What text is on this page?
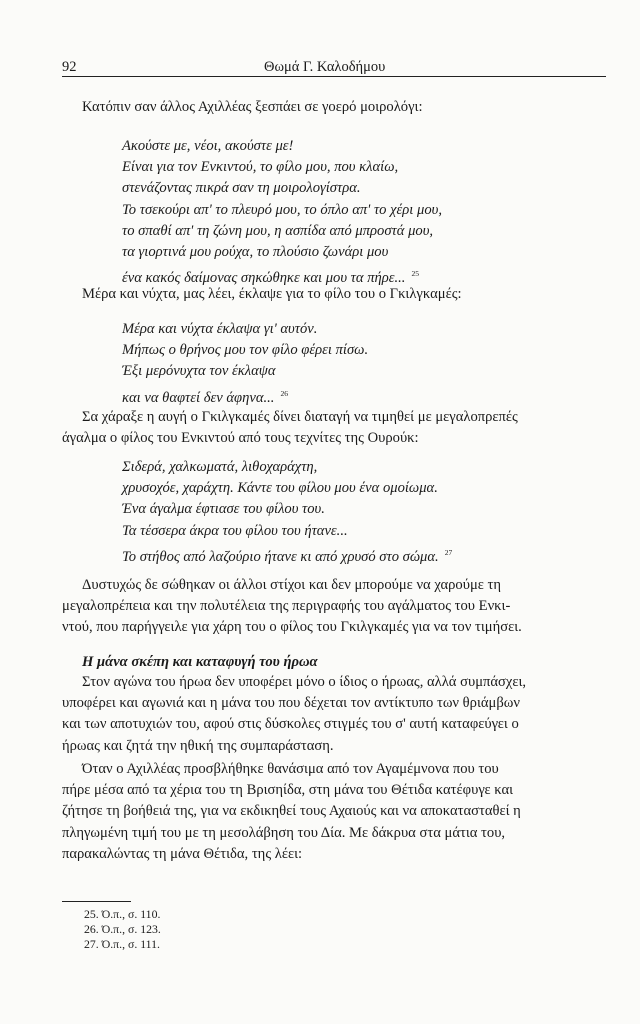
92	Θωμά Γ. Καλοδήμου
Κατόπιν σαν άλλος Αχιλλέας ξεσπάει σε γοερό μοιρολόγι:
Ακούστε με, νέοι, ακούστε με!
Είναι για τον Ενκιντού, το φίλο μου, που κλαίω,
στενάζοντας πικρά σαν τη μοιρολογίστρα.
Το τσεκούρι απ' το πλευρό μου, το όπλο απ' το χέρι μου,
το σπαθί απ' τη ζώνη μου, η ασπίδα από μπροστά μου,
τα γιορτινά μου ρούχα, το πλούσιο ζωνάρι μου
ένα κακός δαίμονας σηκώθηκε και μου τα πήρε... $^{25}$
Μέρα και νύχτα, μας λέει, έκλαψε για το φίλο του ο Γκιλγκαμές:
Μέρα και νύχτα έκλαψα γι' αυτόν.
Μήπως ο θρήνος μου τον φίλο φέρει πίσω.
Έξι μερόνυχτα τον έκλαψα
και να θαφτεί δεν άφηνα... $^{26}$
Σα χάραξε η αυγή ο Γκιλγκαμές δίνει διαταγή να τιμηθεί με μεγαλοπρεπές
άγαλμα ο φίλος του Ενκιντού από τους τεχνίτες της Ουρούκ:
Σιδερά, χαλκωματά, λιθοχαράχτη,
χρυσοχόε, χαράχτη. Κάντε του φίλου μου ένα ομοίωμα.
Ένα άγαλμα έφτιασε του φίλου του.
Τα τέσσερα άκρα του φίλου του ήτανε...
Το στήθος από λαζούριο ήτανε κι από χρυσό στο σώμα. $^{27}$
Δυστυχώς δε σώθηκαν οι άλλοι στίχοι και δεν μπορούμε να χαρούμε τη
μεγαλοπρέπεια και την πολυτέλεια της περιγραφής του αγάλματος του Ενκι-
ντού, που παρήγγειλε για χάρη του ο φίλος του Γκιλγκαμές για να τον τιμήσει.
Η μάνα σκέπη και καταφυγή του ήρωα
Στον αγώνα του ήρωα δεν υποφέρει μόνο ο ίδιος ο ήρωας, αλλά συμπάσχει,
υποφέρει και αγωνιά και η μάνα του που δέχεται τον αντίκτυπο των θριάμβων
και των αποτυχιών του, αφού στις δύσκολες στιγμές του σ' αυτή καταφεύγει ο
ήρωας και ζητά την ηθική της συμπαράσταση.
Όταν ο Αχιλλέας προσβλήθηκε θανάσιμα από τον Αγαμέμνονα που του
πήρε μέσα από τα χέρια του τη Βρισηίδα, στη μάνα του Θέτιδα κατέφυγε και
ζήτησε τη βοήθειά της, για να εκδικηθεί τους Αχαιούς και να αποκατασταθεί η
πληγωμένη τιμή του με τη μεσολάβηση του Δία. Με δάκρυα στα μάτια του,
παρακαλώντας τη μάνα Θέτιδα, της λέει:
25. Ό.π., σ. 110.
26. Ό.π., σ. 123.
27. Ό.π., σ. 111.
